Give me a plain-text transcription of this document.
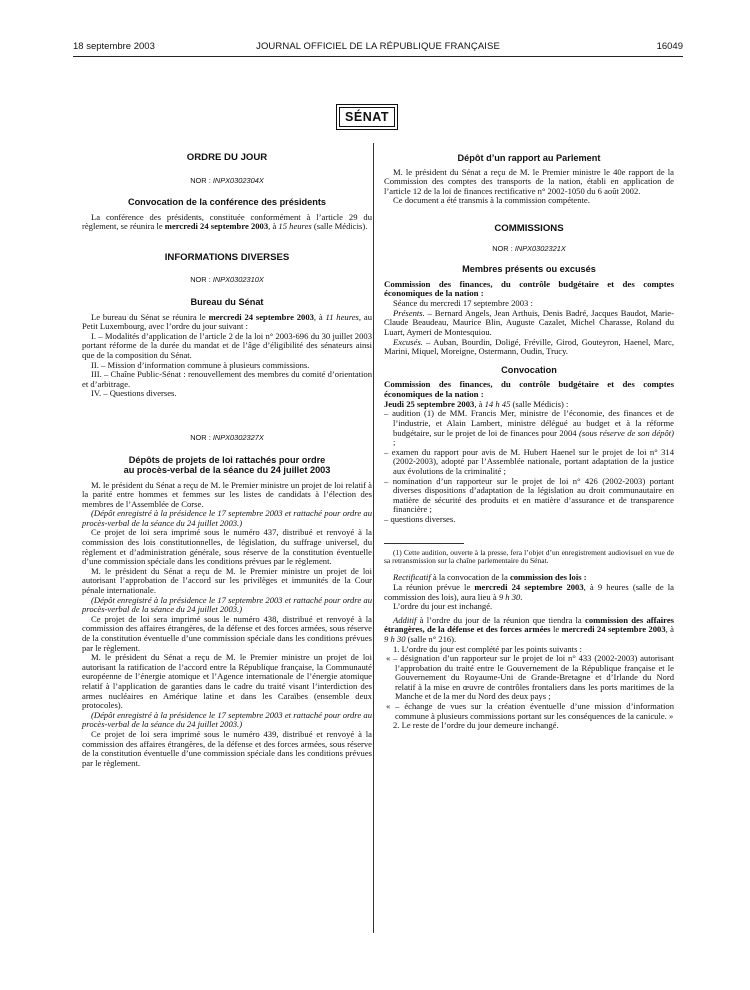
18 septembre 2003	JOURNAL OFFICIEL DE LA RÉPUBLIQUE FRANÇAISE	16049
SÉNAT
ORDRE DU JOUR
NOR : INPX0302304X
Convocation de la conférence des présidents

La conférence des présidents, constituée conformément à l’article 29 du règlement, se réunira le mercredi 24 septembre 2003, à 15 heures (salle Médicis).

INFORMATIONS DIVERSES
NOR : INPX0302310X
Bureau du Sénat

Le bureau du Sénat se réunira le mercredi 24 septembre 2003, à 11 heures, au Petit Luxembourg, avec l’ordre du jour suivant :

I. – Modalités d’application de l’article 2 de la loi n° 2003-696 du 30 juillet 2003 portant réforme de la durée du mandat et de l’âge d’éligibilité des sénateurs ainsi que de la composition du Sénat.

II. – Mission d’information commune à plusieurs commissions.

III. – Chaîne Public-Sénat : renouvellement des membres du comité d’orientation et d’arbitrage.

IV. – Questions diverses.

NOR : INPX0302327X
Dépôts de projets de loi rattachés pour ordre
au procès-verbal de la séance du 24 juillet 2003

M. le président du Sénat a reçu de M. le Premier ministre un projet de loi relatif à la parité entre hommes et femmes sur les listes de candidats à l’élection des membres de l’Assemblée de Corse.

(Dépôt enregistré à la présidence le 17 septembre 2003 et rattaché pour ordre au procès-verbal de la séance du 24 juillet 2003.)

Ce projet de loi sera imprimé sous le numéro 437, distribué et renvoyé à la commission des lois constitutionnelles, de législation, du suffrage universel, du règlement et d’administration générale, sous réserve de la constitution éventuelle d’une commission spéciale dans les conditions prévues par le règlement.

M. le président du Sénat a reçu de M. le Premier ministre un projet de loi autorisant l’approbation de l’accord sur les privilèges et immunités de la Cour pénale internationale.

(Dépôt enregistré à la présidence le 17 septembre 2003 et rattaché pour ordre au procès-verbal de la séance du 24 juillet 2003.)

Ce projet de loi sera imprimé sous le numéro 438, distribué et renvoyé à la commission des affaires étrangères, de la défense et des forces armées, sous réserve de la constitution éventuelle d’une commission spéciale dans les conditions prévues par le règlement.

M. le président du Sénat a reçu de M. le Premier ministre un projet de loi autorisant la ratification de l’accord entre la République française, la Communauté européenne de l’énergie atomique et l’Agence internationale de l’énergie atomique relatif à l’application de garanties dans le cadre du traité visant l’interdiction des armes nucléaires en Amérique latine et dans les Caraïbes (ensemble deux protocoles).

(Dépôt enregistré à la présidence le 17 septembre 2003 et rattaché pour ordre au procès-verbal de la séance du 24 juillet 2003.)

Ce projet de loi sera imprimé sous le numéro 439, distribué et renvoyé à la commission des affaires étrangères, de la défense et des forces armées, sous réserve de la constitution éventuelle d’une commission spéciale dans les conditions prévues par le règlement.

Dépôt d’un rapport au Parlement

M. le président du Sénat a reçu de M. le Premier ministre le 40e rapport de la Commission des comptes des transports de la nation, établi en application de l’article 12 de la loi de finances rectificative n° 2002-1050 du 6 août 2002.

Ce document a été transmis à la commission compétente.

COMMISSIONS
NOR : INPX0302321X
Membres présents ou excusés
Commission des finances, du contrôle budgétaire et des comptes économiques de la nation :

Séance du mercredi 17 septembre 2003 :

Présents. – Bernard Angels, Jean Arthuis, Denis Badré, Jacques Baudot, Marie-Claude Beaudeau, Maurice Blin, Auguste Cazalet, Michel Charasse, Roland du Luart, Aymeri de Montesquiou.

Excusés. – Auban, Bourdin, Doligé, Fréville, Girod, Gouteyron, Haenel, Marc, Marini, Miquel, Moreigne, Ostermann, Oudin, Trucy.

Convocation
Commission des finances, du contrôle budgétaire et des comptes économiques de la nation :

Jeudi 25 septembre 2003, à 14 h 45 (salle Médicis) :

– audition (1) de MM. Francis Mer, ministre de l’économie, des finances et de l’industrie, et Alain Lambert, ministre délégué au budget et à la réforme budgétaire, sur le projet de loi de finances pour 2004 (sous réserve de son dépôt) ;
– examen du rapport pour avis de M. Hubert Haenel sur le projet de loi n° 314 (2002-2003), adopté par l’Assemblée nationale, portant adaptation de la justice aux évolutions de la criminalité ;
– nomination d’un rapporteur sur le projet de loi n° 426 (2002-2003) portant diverses dispositions d’adaptation de la législation au droit communautaire en matière de sécurité des produits et en matière d’assurance et de transparence financière ;
– questions diverses.

(1) Cette audition, ouverte à la presse, fera l’objet d’un enregistrement audiovisuel en vue de sa retransmission sur la chaîne parlementaire du Sénat.

Rectificatif à la convocation de la commission des lois :

La réunion prévue le mercredi 24 septembre 2003, à 9 heures (salle de la commission des lois), aura lieu à 9 h 30.

L’ordre du jour est inchangé.

Additif à l’ordre du jour de la réunion que tiendra la commission des affaires étrangères, de la défense et des forces armées le mercredi 24 septembre 2003, à 9 h 30 (salle n° 216).

1. L’ordre du jour est complété par les points suivants :

« – désignation d’un rapporteur sur le projet de loi n° 433 (2002-2003) autorisant l’approbation du traité entre le Gouvernement de la République française et le Gouvernement du Royaume-Uni de Grande-Bretagne et d’Irlande du Nord relatif à la mise en œuvre de contrôles frontaliers dans les ports maritimes de la Manche et de la mer du Nord des deux pays ;
« – échange de vues sur la création éventuelle d’une mission d’information commune à plusieurs commissions portant sur les conséquences de la canicule. »

2. Le reste de l’ordre du jour demeure inchangé.
